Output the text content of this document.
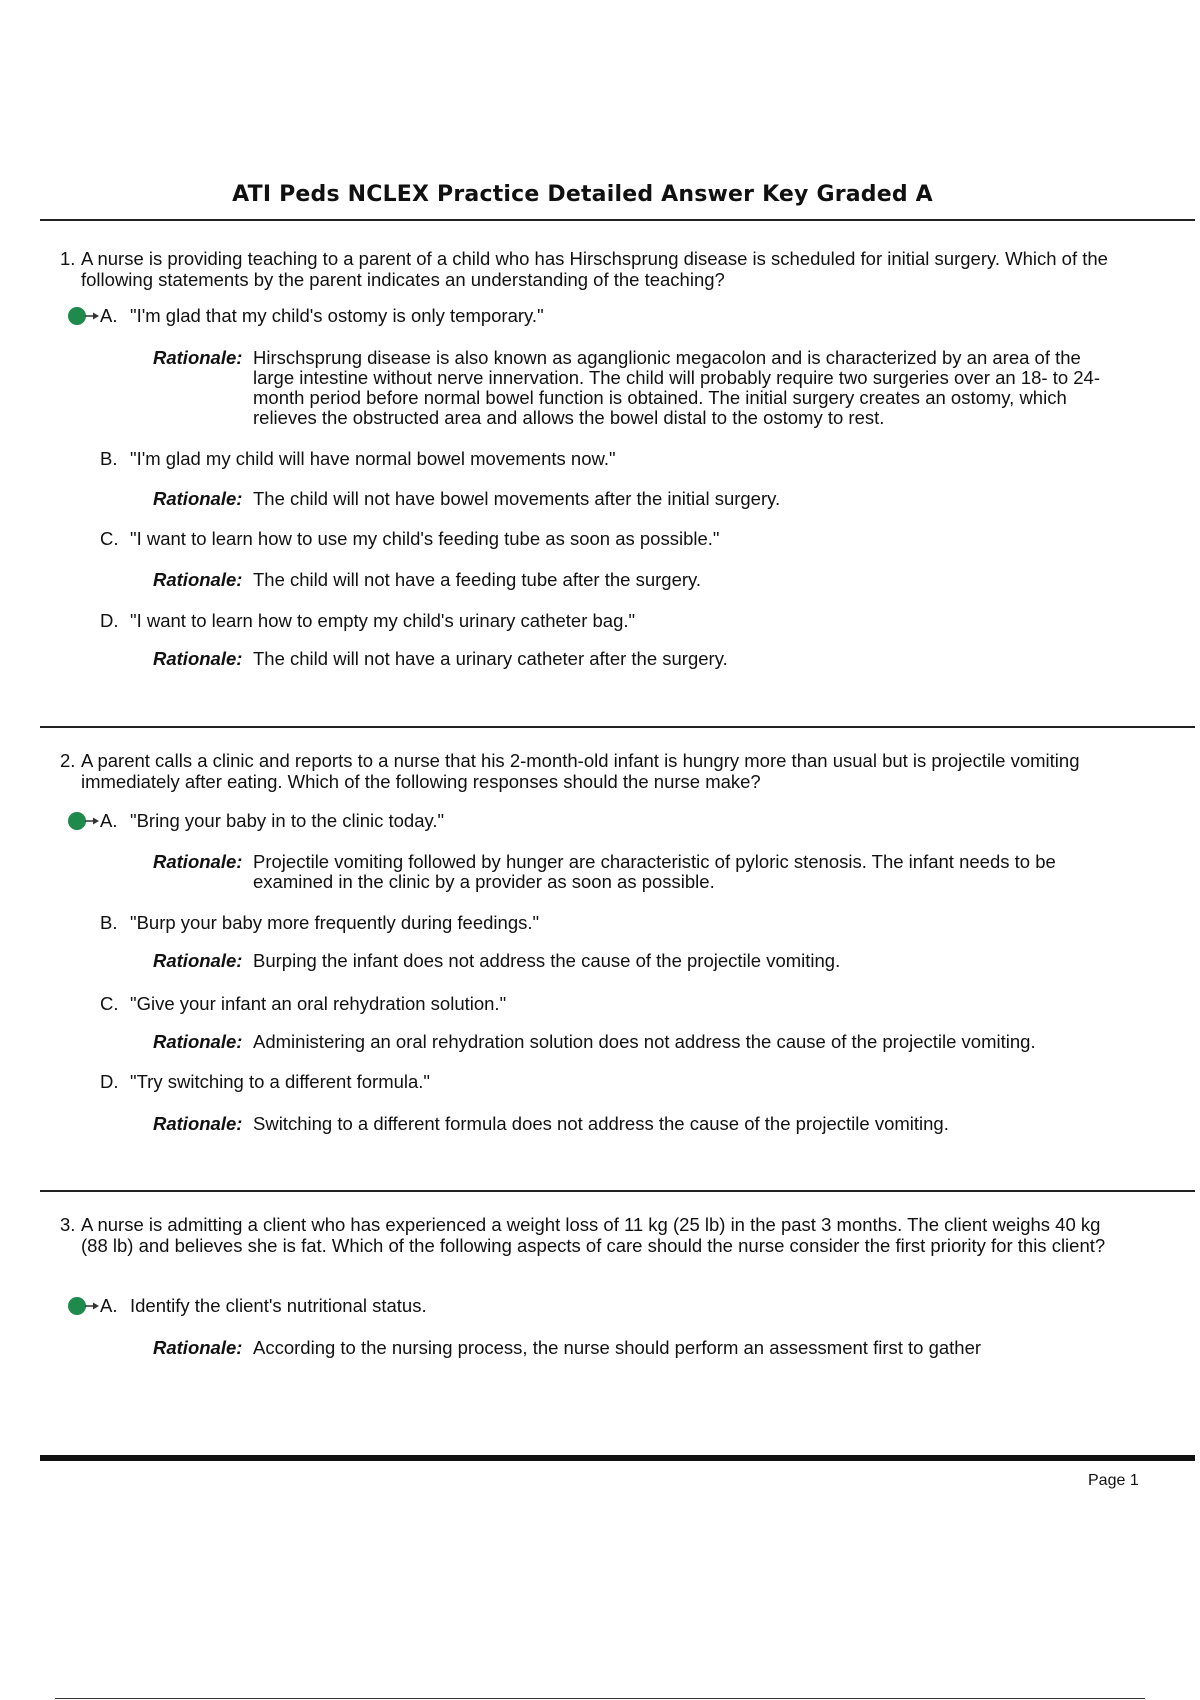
ATI Peds NCLEX Practice Detailed Answer Key Graded A
1. A nurse is providing teaching to a parent of a child who has Hirschsprung disease is scheduled for initial surgery. Which of the following statements by the parent indicates an understanding of the teaching?
A. "I'm glad that my child's ostomy is only temporary."
Rationale: Hirschsprung disease is also known as aganglionic megacolon and is characterized by an area of the large intestine without nerve innervation. The child will probably require two surgeries over an 18- to 24-month period before normal bowel function is obtained. The initial surgery creates an ostomy, which relieves the obstructed area and allows the bowel distal to the ostomy to rest.
B. "I'm glad my child will have normal bowel movements now."
Rationale: The child will not have bowel movements after the initial surgery.
C. "I want to learn how to use my child's feeding tube as soon as possible."
Rationale: The child will not have a feeding tube after the surgery.
D. "I want to learn how to empty my child's urinary catheter bag."
Rationale: The child will not have a urinary catheter after the surgery.
2. A parent calls a clinic and reports to a nurse that his 2-month-old infant is hungry more than usual but is projectile vomiting immediately after eating. Which of the following responses should the nurse make?
A. "Bring your baby in to the clinic today."
Rationale: Projectile vomiting followed by hunger are characteristic of pyloric stenosis. The infant needs to be examined in the clinic by a provider as soon as possible.
B. "Burp your baby more frequently during feedings."
Rationale: Burping the infant does not address the cause of the projectile vomiting.
C. "Give your infant an oral rehydration solution."
Rationale: Administering an oral rehydration solution does not address the cause of the projectile vomiting.
D. "Try switching to a different formula."
Rationale: Switching to a different formula does not address the cause of the projectile vomiting.
3. A nurse is admitting a client who has experienced a weight loss of 11 kg (25 lb) in the past 3 months. The client weighs 40 kg (88 lb) and believes she is fat. Which of the following aspects of care should the nurse consider the first priority for this client?
A. Identify the client's nutritional status.
Rationale: According to the nursing process, the nurse should perform an assessment first to gather
Page 1
